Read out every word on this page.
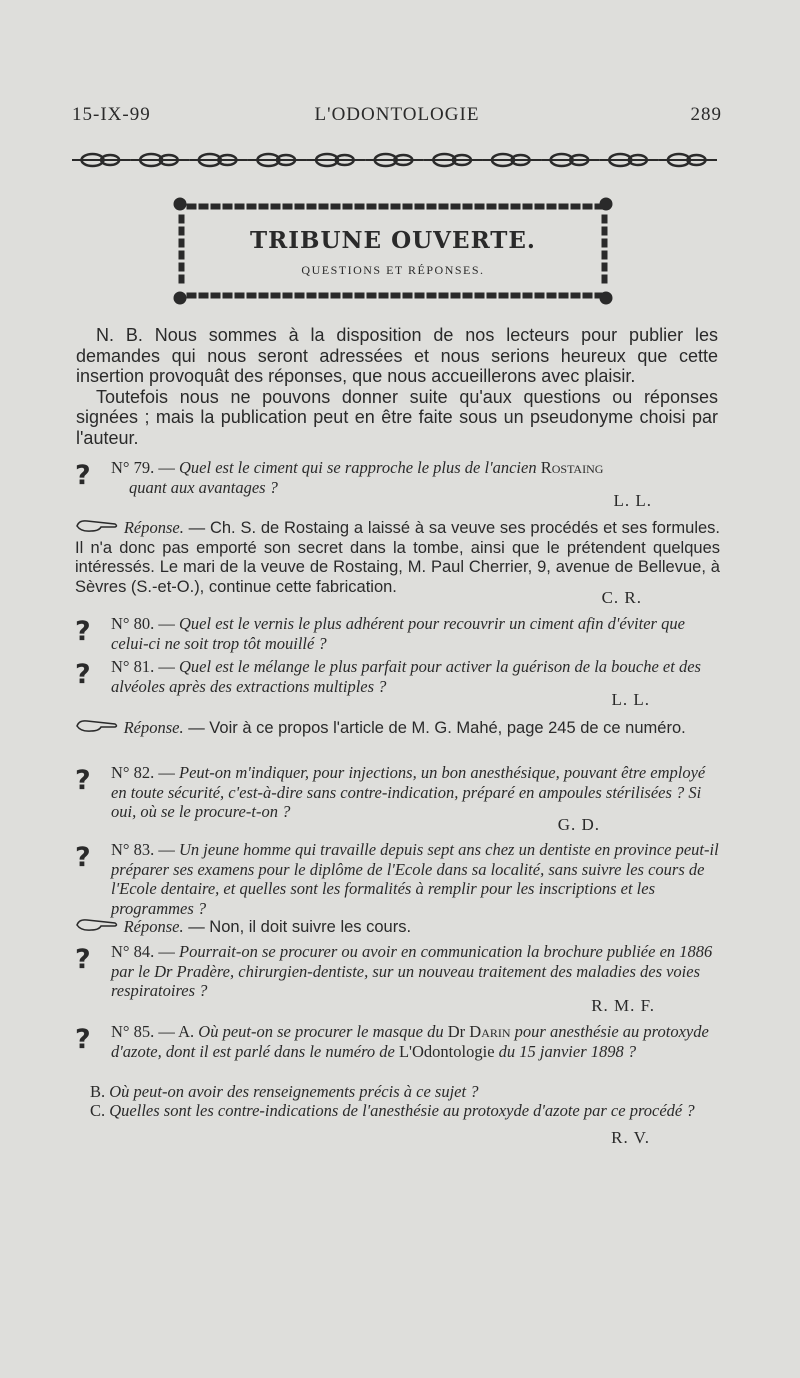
15-IX-99	L'ODONTOLOGIE	289
TRIBUNE OUVERTE.
QUESTIONS ET RÉPONSES.

N. B. Nous sommes à la disposition de nos lecteurs pour publier les demandes qui nous seront adressées et nous serions heureux que cette insertion provoquât des réponses, que nous accueillerons avec plaisir.

Toutefois nous ne pouvons donner suite qu'aux questions ou réponses signées ; mais la publication peut en être faite sous un pseudonyme choisi par l'auteur.

? N° 79. — Quel est le ciment qui se rapproche le plus de l'ancien Rostaing
quant aux avantages ?
L. L.
Réponse. — Ch. S. de Rostaing a laissé à sa veuve ses procédés et ses formules. Il n'a donc pas emporté son secret dans la tombe, ainsi que le prétendent quelques intéressés. Le mari de la veuve de Rostaing, M. Paul Cherrier, 9, avenue de Bellevue, à Sèvres (S.-et-O.), continue cette fabrication.
C. R.
? N° 80. — Quel est le vernis le plus adhérent pour recouvrir un ciment afin d'éviter que celui-ci ne soit trop tôt mouillé ?
? N° 81. — Quel est le mélange le plus parfait pour activer la guérison de la bouche et des alvéoles après des extractions multiples ?
L. L.
Réponse. — Voir à ce propos l'article de M. G. Mahé, page 245 de ce numéro.
? N° 82. — Peut-on m'indiquer, pour injections, un bon anesthésique, pouvant être employé en toute sécurité, c'est-à-dire sans contre-indication, préparé en ampoules stérilisées ? Si oui, où se le procure-t-on ?
G. D.
? N° 83. — Un jeune homme qui travaille depuis sept ans chez un dentiste en province peut-il préparer ses examens pour le diplôme de l'Ecole dans sa localité, sans suivre les cours de l'Ecole dentaire, et quelles sont les formalités à remplir pour les inscriptions et les programmes ?
Réponse. — Non, il doit suivre les cours.
? N° 84. — Pourrait-on se procurer ou avoir en communication la brochure publiée en 1886 par le Dr Pradère, chirurgien-dentiste, sur un nouveau traitement des maladies des voies respiratoires ?
R. M. F.
? N° 85. — A. Où peut-on se procurer le masque du Dr Darin pour anesthésie au protoxyde d'azote, dont il est parlé dans le numéro de L'Odontologie du 15 janvier 1898 ?
B. Où peut-on avoir des renseignements précis à ce sujet ?
C. Quelles sont les contre-indications de l'anesthésie au protoxyde d'azote par ce procédé ?
R. V.
